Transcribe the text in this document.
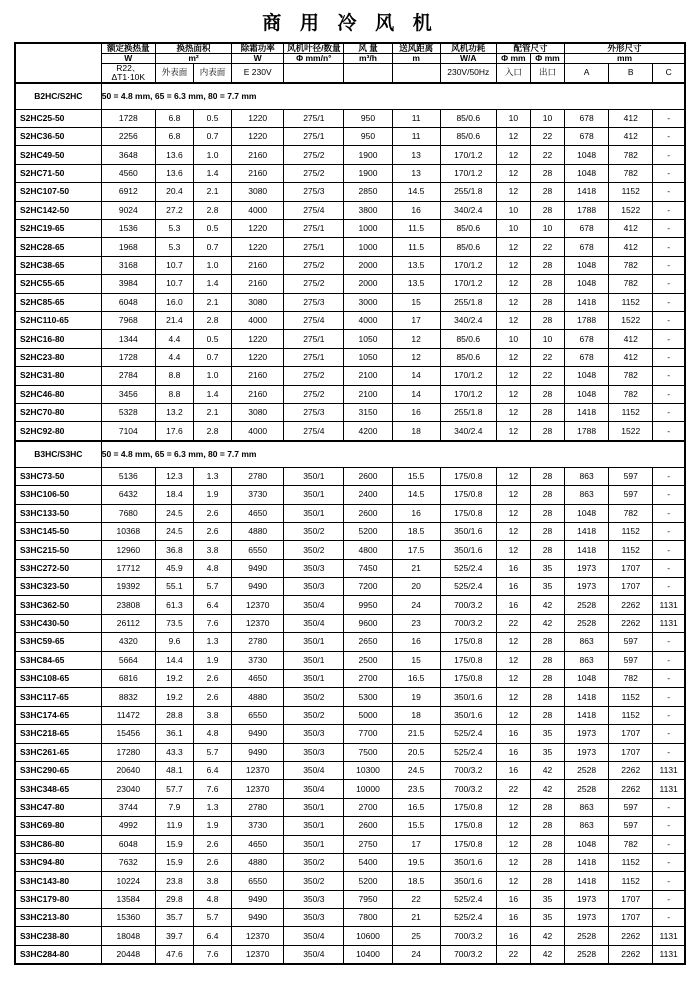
商 用 冷 风 机
	额定换热量	换热面积		除霜功率	风机叶径/数量	风 量	送风距离	风机功耗	配管尺寸		外形尺寸		
	W	m²		W	Φ mm/n°	m³/h	m	W/A	Φ mm	Φ mm	mm		
	R22、ΔT1·10K	外表面	内表面	E 230V				230V/50Hz	入口	出口	A	B	C
B2HC/S2HC	50 = 4.8 mm, 65 = 6.3 mm, 80 = 7.7 mm												
S2HC25-50	1728	6.8	0.5	1220	275/1	950	11	85/0.6	10	10	678	412	-
S2HC36-50	2256	6.8	0.7	1220	275/1	950	11	85/0.6	12	22	678	412	-
S2HC49-50	3648	13.6	1.0	2160	275/2	1900	13	170/1.2	12	22	1048	782	-
S2HC71-50	4560	13.6	1.4	2160	275/2	1900	13	170/1.2	12	28	1048	782	-
S2HC107-50	6912	20.4	2.1	3080	275/3	2850	14.5	255/1.8	12	28	1418	1152	-
S2HC142-50	9024	27.2	2.8	4000	275/4	3800	16	340/2.4	10	28	1788	1522	-
S2HC19-65	1536	5.3	0.5	1220	275/1	1000	11.5	85/0.6	10	10	678	412	-
S2HC28-65	1968	5.3	0.7	1220	275/1	1000	11.5	85/0.6	12	22	678	412	-
S2HC38-65	3168	10.7	1.0	2160	275/2	2000	13.5	170/1.2	12	28	1048	782	-
S2HC55-65	3984	10.7	1.4	2160	275/2	2000	13.5	170/1.2	12	28	1048	782	-
S2HC85-65	6048	16.0	2.1	3080	275/3	3000	15	255/1.8	12	28	1418	1152	-
S2HC110-65	7968	21.4	2.8	4000	275/4	4000	17	340/2.4	12	28	1788	1522	-
S2HC16-80	1344	4.4	0.5	1220	275/1	1050	12	85/0.6	10	10	678	412	-
S2HC23-80	1728	4.4	0.7	1220	275/1	1050	12	85/0.6	12	22	678	412	-
S2HC31-80	2784	8.8	1.0	2160	275/2	2100	14	170/1.2	12	22	1048	782	-
S2HC46-80	3456	8.8	1.4	2160	275/2	2100	14	170/1.2	12	28	1048	782	-
S2HC70-80	5328	13.2	2.1	3080	275/3	3150	16	255/1.8	12	28	1418	1152	-
S2HC92-80	7104	17.6	2.8	4000	275/4	4200	18	340/2.4	12	28	1788	1522	-
B3HC/S3HC	50 = 4.8 mm, 65 = 6.3 mm, 80 = 7.7 mm												
S3HC73-50	5136	12.3	1.3	2780	350/1	2600	15.5	175/0.8	12	28	863	597	-
S3HC106-50	6432	18.4	1.9	3730	350/1	2400	14.5	175/0.8	12	28	863	597	-
S3HC133-50	7680	24.5	2.6	4650	350/1	2600	16	175/0.8	12	28	1048	782	-
S3HC145-50	10368	24.5	2.6	4880	350/2	5200	18.5	350/1.6	12	28	1418	1152	-
S3HC215-50	12960	36.8	3.8	6550	350/2	4800	17.5	350/1.6	12	28	1418	1152	-
S3HC272-50	17712	45.9	4.8	9490	350/3	7450	21	525/2.4	16	35	1973	1707	-
S3HC323-50	19392	55.1	5.7	9490	350/3	7200	20	525/2.4	16	35	1973	1707	-
S3HC362-50	23808	61.3	6.4	12370	350/4	9950	24	700/3.2	16	42	2528	2262	1131
S3HC430-50	26112	73.5	7.6	12370	350/4	9600	23	700/3.2	22	42	2528	2262	1131
S3HC59-65	4320	9.6	1.3	2780	350/1	2650	16	175/0.8	12	28	863	597	-
S3HC84-65	5664	14.4	1.9	3730	350/1	2500	15	175/0.8	12	28	863	597	-
S3HC108-65	6816	19.2	2.6	4650	350/1	2700	16.5	175/0.8	12	28	1048	782	-
S3HC117-65	8832	19.2	2.6	4880	350/2	5300	19	350/1.6	12	28	1418	1152	-
S3HC174-65	11472	28.8	3.8	6550	350/2	5000	18	350/1.6	12	28	1418	1152	-
S3HC218-65	15456	36.1	4.8	9490	350/3	7700	21.5	525/2.4	16	35	1973	1707	-
S3HC261-65	17280	43.3	5.7	9490	350/3	7500	20.5	525/2.4	16	35	1973	1707	-
S3HC290-65	20640	48.1	6.4	12370	350/4	10300	24.5	700/3.2	16	42	2528	2262	1131
S3HC348-65	23040	57.7	7.6	12370	350/4	10000	23.5	700/3.2	22	42	2528	2262	1131
S3HC47-80	3744	7.9	1.3	2780	350/1	2700	16.5	175/0.8	12	28	863	597	-
S3HC69-80	4992	11.9	1.9	3730	350/1	2600	15.5	175/0.8	12	28	863	597	-
S3HC86-80	6048	15.9	2.6	4650	350/1	2750	17	175/0.8	12	28	1048	782	-
S3HC94-80	7632	15.9	2.6	4880	350/2	5400	19.5	350/1.6	12	28	1418	1152	-
S3HC143-80	10224	23.8	3.8	6550	350/2	5200	18.5	350/1.6	12	28	1418	1152	-
S3HC179-80	13584	29.8	4.8	9490	350/3	7950	22	525/2.4	16	35	1973	1707	-
S3HC213-80	15360	35.7	5.7	9490	350/3	7800	21	525/2.4	16	35	1973	1707	-
S3HC238-80	18048	39.7	6.4	12370	350/4	10600	25	700/3.2	16	42	2528	2262	1131
S3HC284-80	20448	47.6	7.6	12370	350/4	10400	24	700/3.2	22	42	2528	2262	1131
